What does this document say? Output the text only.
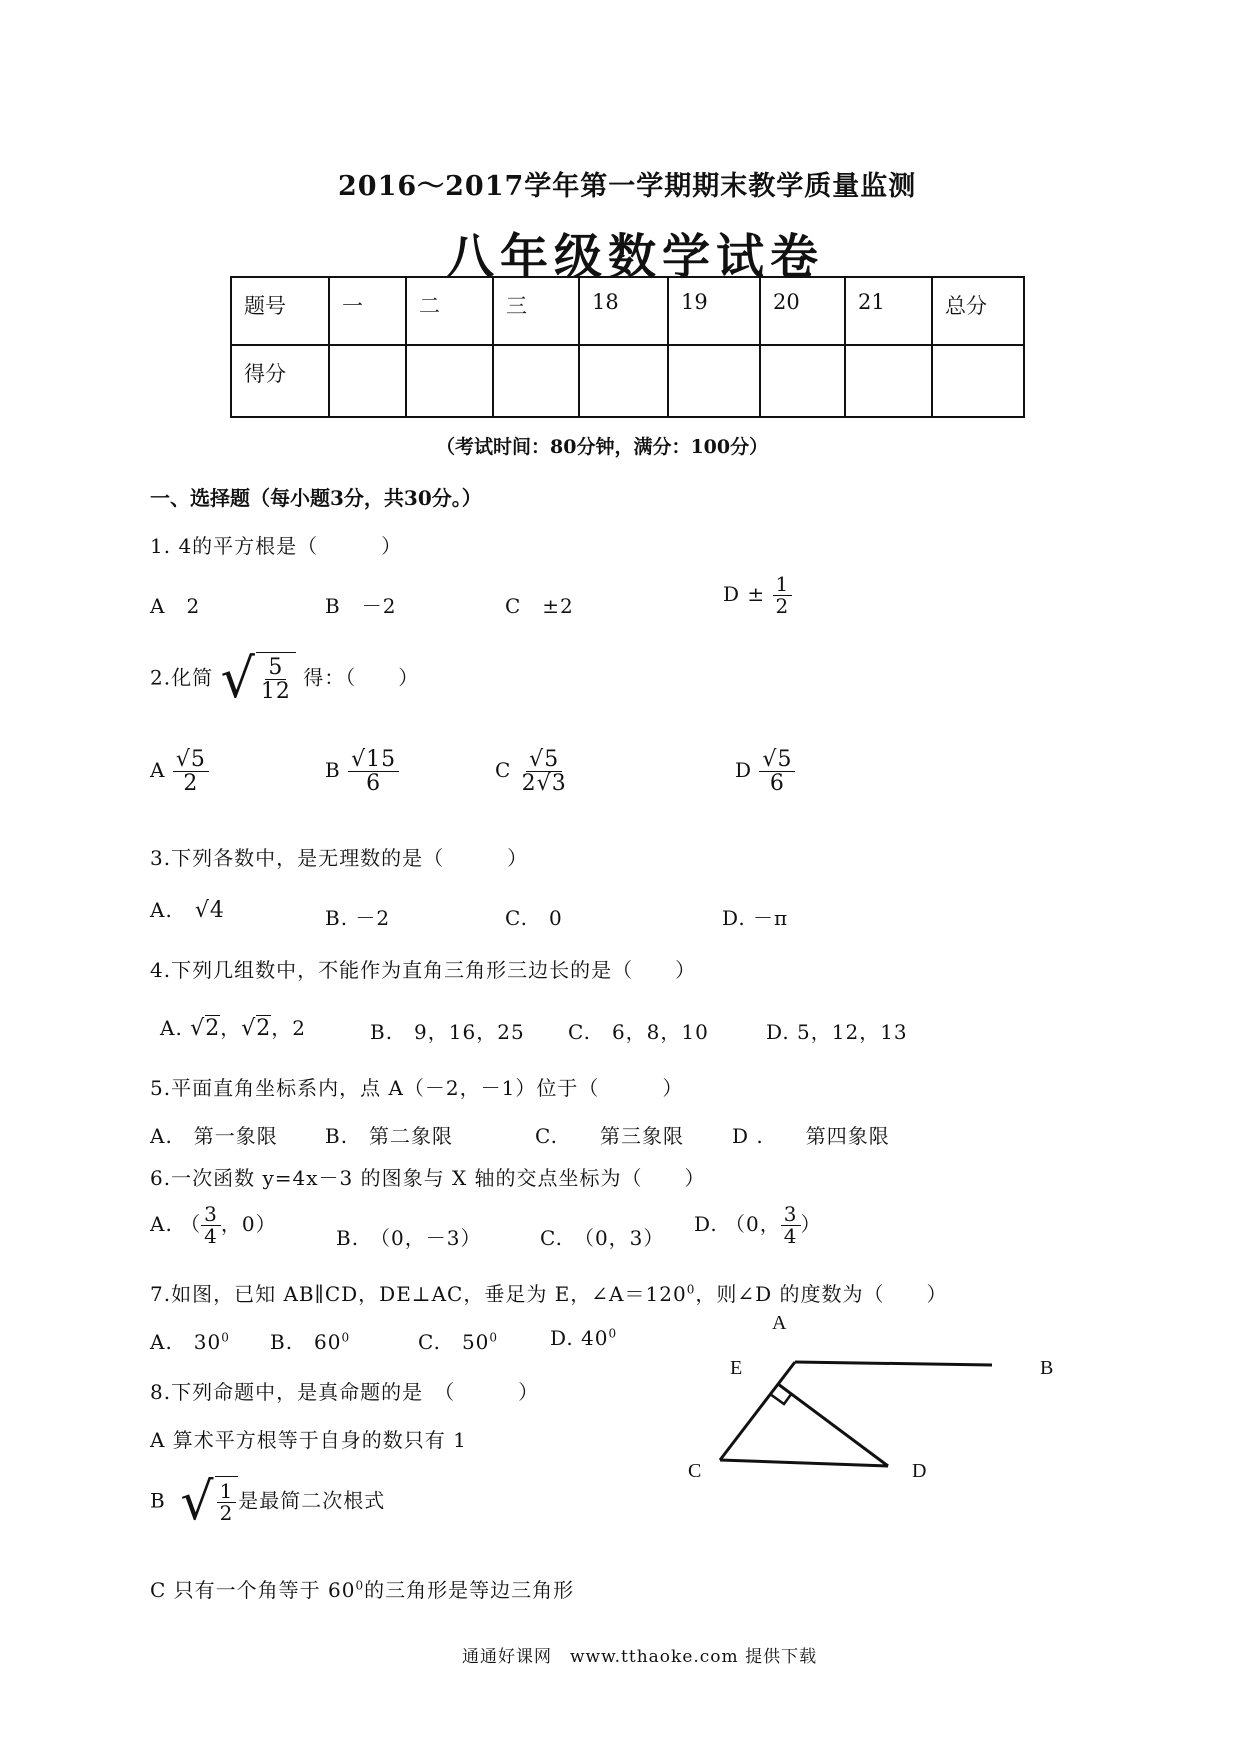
2016～2017学年第一学期期末教学质量监测
八年级数学试卷
题号	一	二	三	18	19	20	21	总分
得分								
（考试时间：80分钟，满分：100分）
一、选择题（每小题3分，共30分。）
1. 4的平方根是（　　　）
A　2	B　－2	C　±2	$D \pm \frac{1}{2}$
2.化简 √ $\frac{5}{12}$ 得：（　　）
A $\frac{√5}{2}$	B $\frac{√15}{6}$	C $\frac{√5}{2√3}$	D $\frac{√5}{6}$
3.下列各数中，是无理数的是（　　　）
A. √4	B. －2	C.　0	D. －π
4.下列几组数中，不能作为直角三角形三边长的是（　　）
A. √2，√2，2	B.　9，16，25 C.　6，8，10	D. 5，12，13
5.平面直角坐标系内，点 A（－2，－1）位于（　　　）
A.　第一象限 B.　第二象限	C.　　第三象限 D .　　第四象限
6.一次函数 y=4x－3 的图象与 X 轴的交点坐标为（　　）
A. （ $\frac{3}{4}$ ，0）
B.　（0，－3）	C.　（0，3）
D. （0， $\frac{3}{4}$ ）
7.如图，已知 AB∥CD，DE⊥AC，垂足为 E，$\angle A=120^0$，则∠D 的度数为（　　）
A.　$30^0$ B.　$60^0$	C.　$50^0$	D. $40^0$	A
B
E
C	D
8.下列命题中，是真命题的是　（　　　）
A 算术平方根等于自身的数只有 1
B √ $\frac{1}{2}$ 是最简二次根式
C 只有一个角等于 $60^0$的三角形是等边三角形
通通好课网　www.tthaoke.com 提供下载
